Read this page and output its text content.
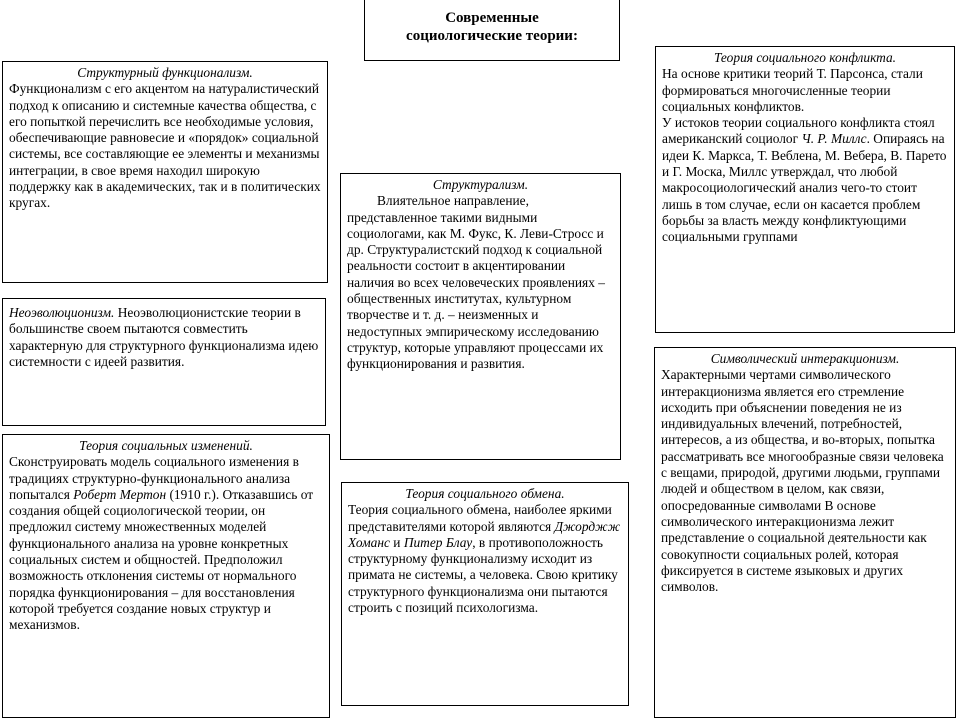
Современные
социологические теории:
Структурный функционализм.
Функционализм с его акцентом на натуралистический подход к описанию и системные качества общества, с его попыткой перечислить все необходимые условия, обеспечивающие равновесие и «порядок» социальной системы, все составляющие ее элементы и механизмы интеграции, в свое время находил широкую поддержку как в академических, так и в политических кругах.
Неоэволюционизм. Неоэволюционистские теории в большинстве своем пытаются совместить характерную для структурного функционализма идею системности с идеей развития.
Теория социальных изменений.
Сконструировать модель социального изменения в традициях структурно-функционального анализа попытался Роберт Мертон (1910 г.). Отказавшись от создания общей социологической теории, он предложил систему множественных моделей функционального анализа на уровне конкретных социальных систем и общностей. Предположил возможность отклонения системы от нормального порядка функционирования – для восстановления которой требуется создание новых структур и механизмов.
Структурализм.
Влиятельное направление, представленное такими видными социологами, как М. Фукс, К. Леви-Стросс и др. Структуралистский подход к социальной реальности состоит в акцентировании наличия во всех человеческих проявлениях – общественных институтах, культурном творчестве и т. д. – неизменных и недоступных эмпирическому исследованию структур, которые управляют процессами их функционирования и развития.
Теория социального обмена.
Теория социального обмена, наиболее яркими представителями которой являются Джорджж Хоманс и Питер Блау, в противоположность структурному функционализму исходит из примата не системы, а человека. Свою критику структурного функционализма они пытаются строить с позиций психологизма.
Теория социального конфликта.
На основе критики теорий Т. Парсонса, стали формироваться многочисленные теории социальных конфликтов.
У истоков теории социального конфликта стоял американский социолог Ч. Р. Миллс. Опираясь на идеи К. Маркса, Т. Веблена, М. Вебера, В. Парето и Г. Моска, Миллс утверждал, что любой макросоциологический анализ чего-то стоит лишь в том случае, если он касается проблем борьбы за власть между конфликтующими социальными группами
Символический интеракционизм.
Характерными чертами символического интеракционизма является его стремление исходить при объяснении поведения не из индивидуальных влечений, потребностей, интересов, а из общества, и во-вторых, попытка рассматривать все многообразные связи человека с вещами, природой, другими людьми, группами людей и обществом в целом, как связи, опосредованные символами В основе символического интеракционизма лежит представление о социальной деятельности как совокупности социальных ролей, которая фиксируется в системе языковых и других символов.
